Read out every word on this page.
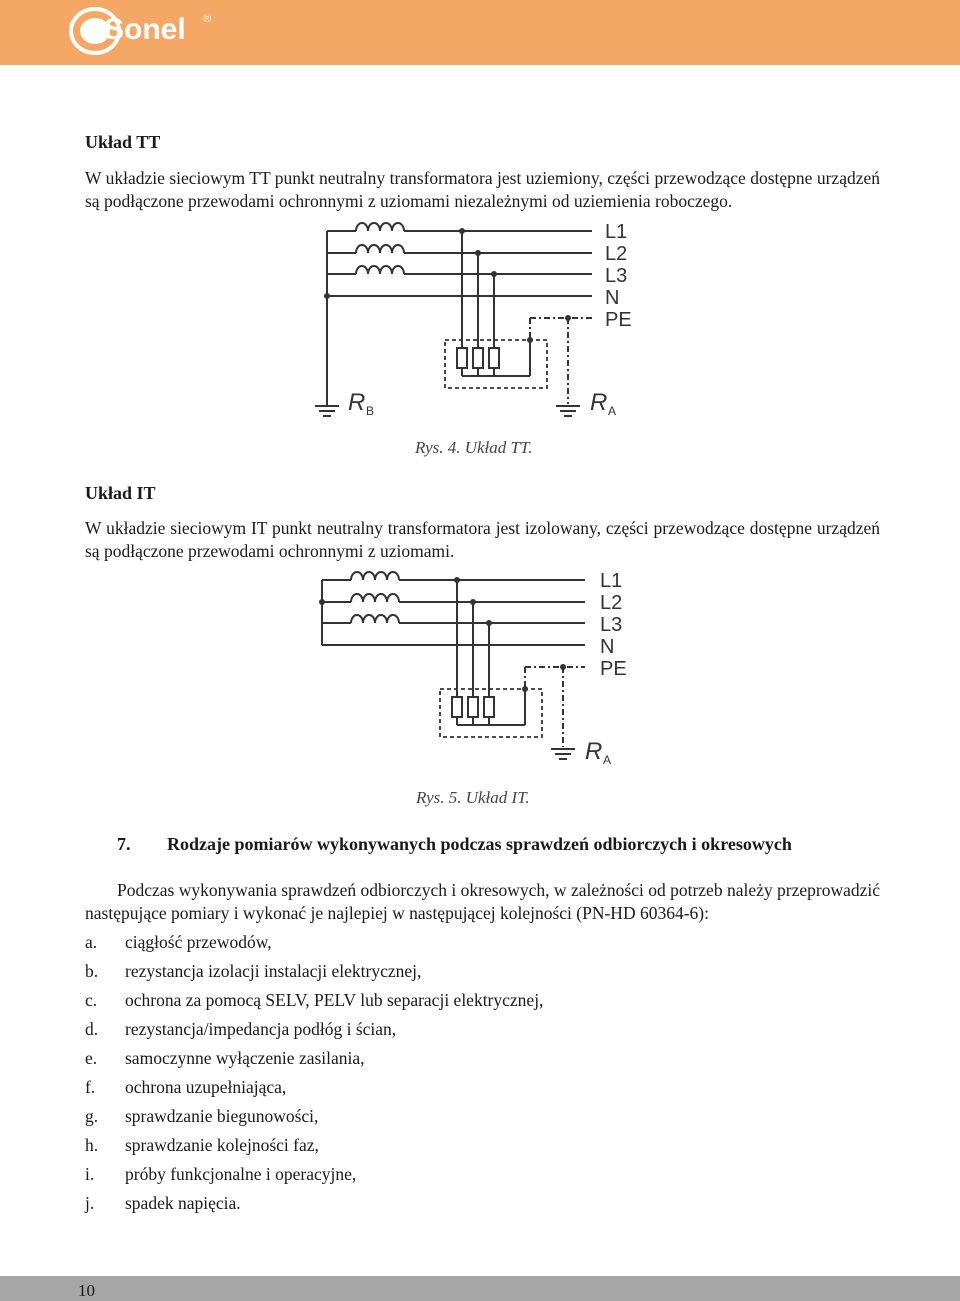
Sonel ®
Układ TT

W układzie sieciowym TT punkt neutralny transformatora jest uziemiony, części przewodzące dostępne urządzeń są podłączone przewodami ochronnymi z uziomami niezależnymi od uziemienia roboczego.

L1
L2
L3
N
PE
R B	R A
Rys. 4. Układ TT.
Układ IT

W układzie sieciowym IT punkt neutralny transformatora jest izolowany, części przewodzące dostępne urządzeń są podłączone przewodami ochronnymi z uziomami.

L1
L2
L3
N
PE
R A
Rys. 5. Układ IT.
7. Rodzaje pomiarów wykonywanych podczas sprawdzeń odbiorczych i okresowych

Podczas wykonywania sprawdzeń odbiorczych i okresowych, w zależności od potrzeb należy przeprowadzić następujące pomiary i wykonać je najlepiej w następującej kolejności (PN-HD 60364-6):

a. ciągłość przewodów,
b. rezystancja izolacji instalacji elektrycznej,
c. ochrona za pomocą SELV, PELV lub separacji elektrycznej,
d. rezystancja/impedancja podłóg i ścian,
e. samoczynne wyłączenie zasilania,
f. ochrona uzupełniająca,
g. sprawdzanie biegunowości,
h. sprawdzanie kolejności faz,
i. próby funkcjonalne i operacyjne,
j. spadek napięcia.
10
